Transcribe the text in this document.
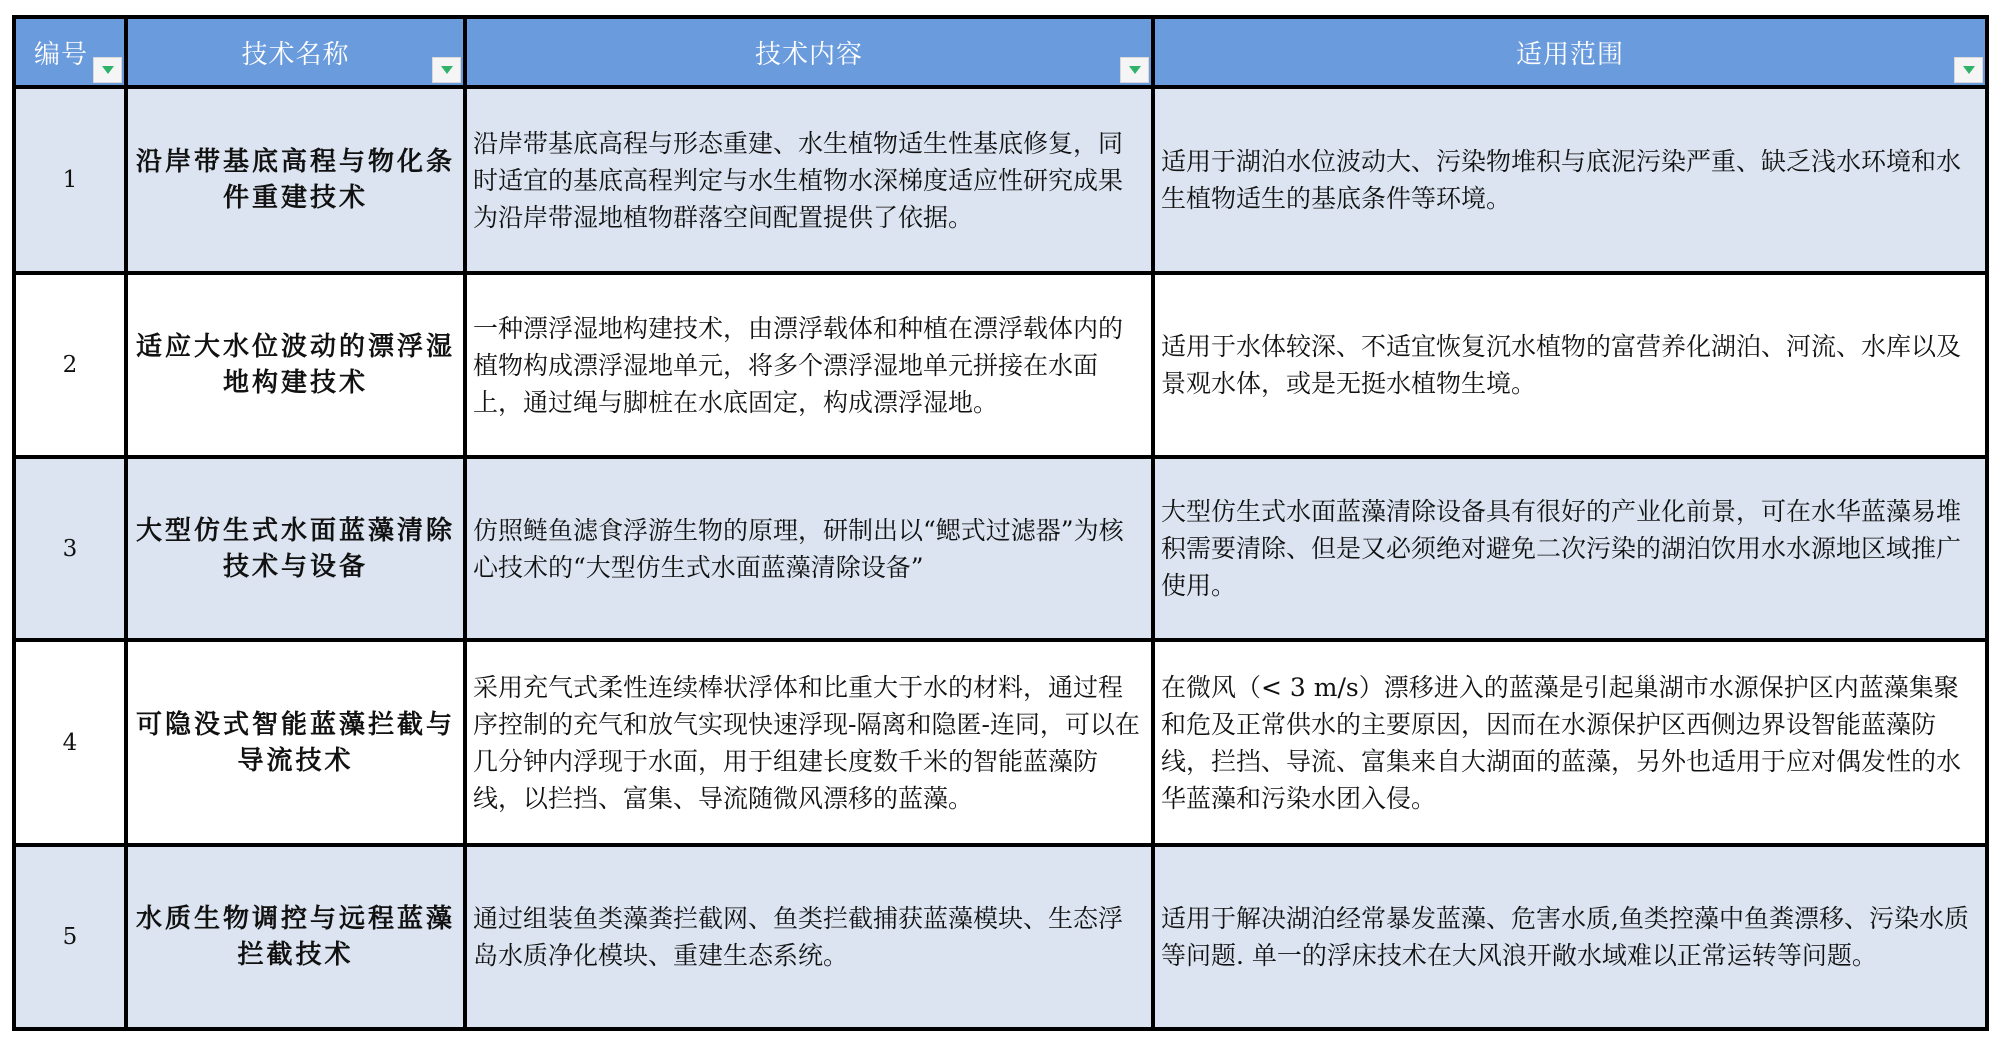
编号	技术名称	技术内容	适用范围

1	沿岸带基底高程与物化条件重建技术	沿岸带基底高程与形态重建、水生植物适生性基底修复，同时适宜的基底高程判定与水生植物水深梯度适应性研究成果为沿岸带湿地植物群落空间配置提供了依据。	适用于湖泊水位波动大、污染物堆积与底泥污染严重、缺乏浅水环境和水生植物适生的基底条件等环境。
2	适应大水位波动的漂浮湿地构建技术	一种漂浮湿地构建技术，由漂浮载体和种植在漂浮载体内的植物构成漂浮湿地单元，将多个漂浮湿地单元拼接在水面上，通过绳与脚桩在水底固定，构成漂浮湿地。	适用于水体较深、不适宜恢复沉水植物的富营养化湖泊、河流、水库以及景观水体，或是无挺水植物生境。
3	大型仿生式水面蓝藻清除技术与设备	仿照鲢鱼滤食浮游生物的原理，研制出以“鳃式过滤器”为核心技术的“大型仿生式水面蓝藻清除设备”	大型仿生式水面蓝藻清除设备具有很好的产业化前景，可在水华蓝藻易堆积需要清除、但是又必须绝对避免二次污染的湖泊饮用水水源地区域推广使用。
4	可隐没式智能蓝藻拦截与导流技术	采用充气式柔性连续棒状浮体和比重大于水的材料，通过程序控制的充气和放气实现快速浮现-隔离和隐匿-连同，可以在几分钟内浮现于水面，用于组建长度数千米的智能蓝藻防线，以拦挡、富集、导流随微风漂移的蓝藻。	在微风（< 3 m/s）漂移进入的蓝藻是引起巢湖市水源保护区内蓝藻集聚和危及正常供水的主要原因，因而在水源保护区西侧边界设智能蓝藻防线，拦挡、导流、富集来自大湖面的蓝藻，另外也适用于应对偶发性的水华蓝藻和污染水团入侵。
5	水质生物调控与远程蓝藻拦截技术	通过组装鱼类藻粪拦截网、鱼类拦截捕获蓝藻模块、生态浮岛水质净化模块、重建生态系统。	适用于解决湖泊经常暴发蓝藻、危害水质,鱼类控藻中鱼粪漂移、污染水质等问题. 单一的浮床技术在大风浪开敞水域难以正常运转等问题。
